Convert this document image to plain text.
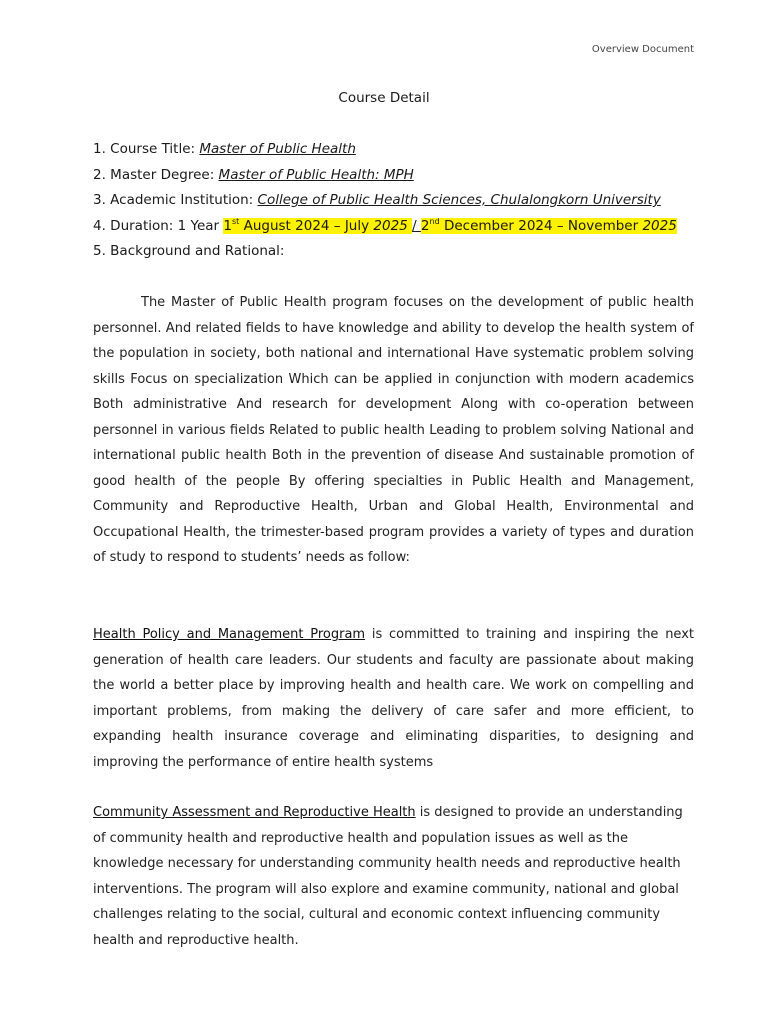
Overview Document
Course Detail
1. Course Title: Master of Public Health
2. Master Degree: Master of Public Health: MPH
3. Academic Institution: College of Public Health Sciences, Chulalongkorn University
4. Duration: 1 Year 1st August 2024 – July 2025 / 2nd December 2024 – November 2025
5. Background and Rational:
The Master of Public Health program focuses on the development of public health personnel. And related fields to have knowledge and ability to develop the health system of the population in society, both national and international Have systematic problem solving skills Focus on specialization Which can be applied in conjunction with modern academics Both administrative And research for development Along with co-operation between personnel in various fields Related to public health Leading to problem solving National and international public health Both in the prevention of disease And sustainable promotion of good health of the people By offering specialties in Public Health and Management, Community and Reproductive Health, Urban and Global Health, Environmental and Occupational Health, the trimester-based program provides a variety of types and duration of study to respond to students’ needs as follow:
Health Policy and Management Program is committed to training and inspiring the next generation of health care leaders. Our students and faculty are passionate about making the world a better place by improving health and health care. We work on compelling and important problems, from making the delivery of care safer and more efficient, to expanding health insurance coverage and eliminating disparities, to designing and improving the performance of entire health systems
Community Assessment and Reproductive Health is designed to provide an understanding of community health and reproductive health and population issues as well as the knowledge necessary for understanding community health needs and reproductive health interventions. The program will also explore and examine community, national and global challenges relating to the social, cultural and economic context influencing community health and reproductive health.
